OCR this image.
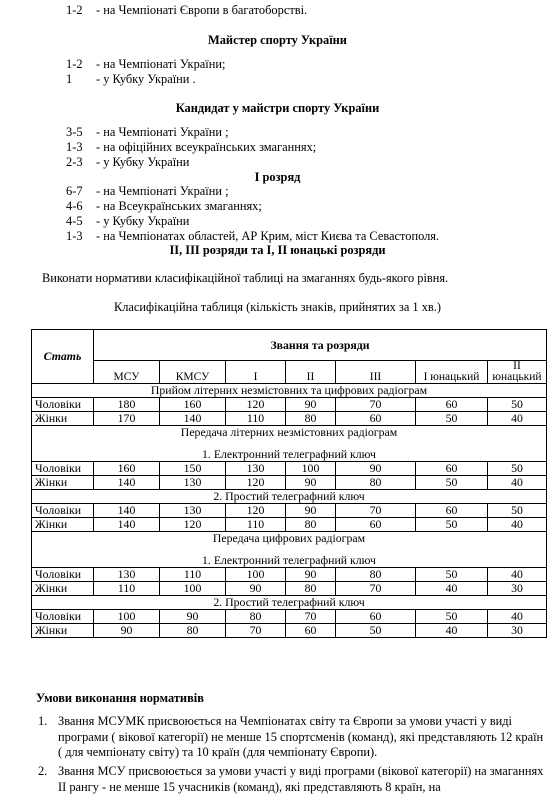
1-2 - на Чемпіонаті Європи в багатоборстві.
Майстер спорту України
1-2 - на Чемпіонаті України;
1 - у Кубку України .
Кандидат у майстри спорту України
3-5 - на Чемпіонаті України ;
1-3 - на офіційних всеукраїнських змаганнях;
2-3 - у Кубку України
І розряд
6-7 - на Чемпіонаті України ;
4-6 - на Всеукраїнських змаганнях;
4-5 - у Кубку України
1-3 - на Чемпіонатах областей, АР Крим, міст Києва та Севастополя.
ІІ, ІІІ розряди та І, ІІ юнацькі розряди
Виконати нормативи класифікаційної таблиці на змаганнях будь-якого рівня.
Класифікаційна таблиця (кількість знаків, прийнятих за 1 хв.)
Стать	Звання та розряди						
	МСУ	КМСУ	І	ІІ	ІІІ	І юнацький	ІІ юнацький
Прийом літерних незмістовних та цифрових радіограм							
Чоловіки	180	160	120	90	70	60	50
Жінки	170	140	110	80	60	50	40

Передача літерних незмістовних радіограм
1. Електронний телеграфний ключ							

Чоловіки	160	150	130	100	90	60	50
Жінки	140	130	120	90	80	50	40
2. Простий телеграфний ключ							
Чоловіки	140	130	120	90	70	60	50
Жінки	140	120	110	80	60	50	40

Передача цифрових радіограм
1. Електронний телеграфний ключ							

Чоловіки	130	110	100	90	80	50	40
Жінки	110	100	90	80	70	40	30
2. Простий телеграфний ключ							
Чоловіки	100	90	80	70	60	50	40
Жінки	90	80	70	60	50	40	30
Умови виконання нормативів
1. Звання МСУМК присвоюється на Чемпіонатах світу та Європи за умови участі у виді програми ( вікової категорії) не менше 15 спортсменів (команд), які представляють 12 країн ( для чемпіонату світу) та 10 країн (для чемпіонату Європи).
2. Звання МСУ присвоюється за умови участі у виді програми (вікової категорії) на змаганнях ІІ рангу - не менше 15 учасників (команд), які представляють 8 країн, на
